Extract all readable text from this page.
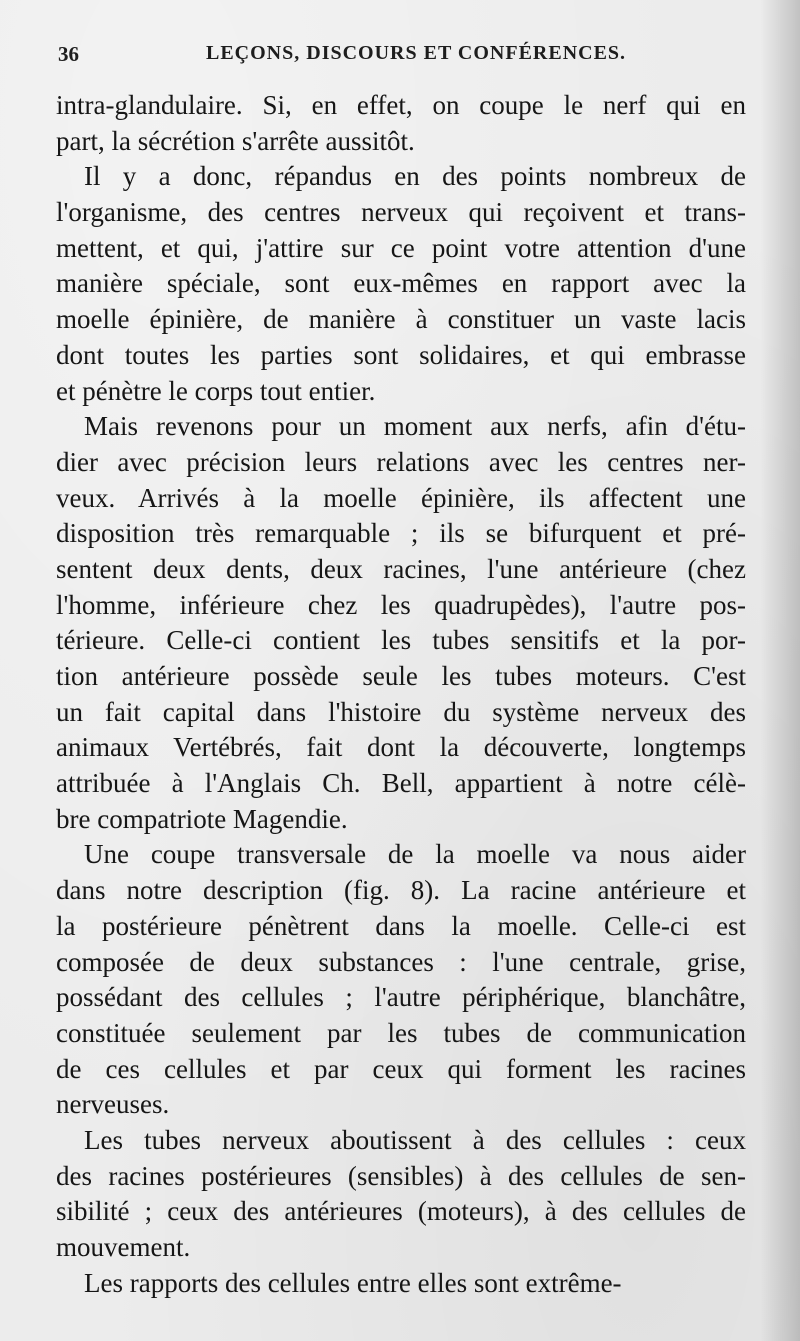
36	LEÇONS, DISCOURS ET CONFÉRENCES.
intra-glandulaire. Si, en effet, on coupe le nerf qui en
part, la sécrétion s'arrête aussitôt.
Il y a donc, répandus en des points nombreux de
l'organisme, des centres nerveux qui reçoivent et trans-
mettent, et qui, j'attire sur ce point votre attention d'une
manière spéciale, sont eux-mêmes en rapport avec la
moelle épinière, de manière à constituer un vaste lacis
dont toutes les parties sont solidaires, et qui embrasse
et pénètre le corps tout entier.
Mais revenons pour un moment aux nerfs, afin d'étu-
dier avec précision leurs relations avec les centres ner-
veux. Arrivés à la moelle épinière, ils affectent une
disposition très remarquable ; ils se bifurquent et pré-
sentent deux dents, deux racines, l'une antérieure (chez
l'homme, inférieure chez les quadrupèdes), l'autre pos-
térieure. Celle-ci contient les tubes sensitifs et la por-
tion antérieure possède seule les tubes moteurs. C'est
un fait capital dans l'histoire du système nerveux des
animaux Vertébrés, fait dont la découverte, longtemps
attribuée à l'Anglais Ch. Bell, appartient à notre célè-
bre compatriote Magendie.
Une coupe transversale de la moelle va nous aider
dans notre description (fig. 8). La racine antérieure et
la postérieure pénètrent dans la moelle. Celle-ci est
composée de deux substances : l'une centrale, grise,
possédant des cellules ; l'autre périphérique, blanchâtre,
constituée seulement par les tubes de communication
de ces cellules et par ceux qui forment les racines
nerveuses.
Les tubes nerveux aboutissent à des cellules : ceux
des racines postérieures (sensibles) à des cellules de sen-
sibilité ; ceux des antérieures (moteurs), à des cellules de
mouvement.
Les rapports des cellules entre elles sont extrême-
